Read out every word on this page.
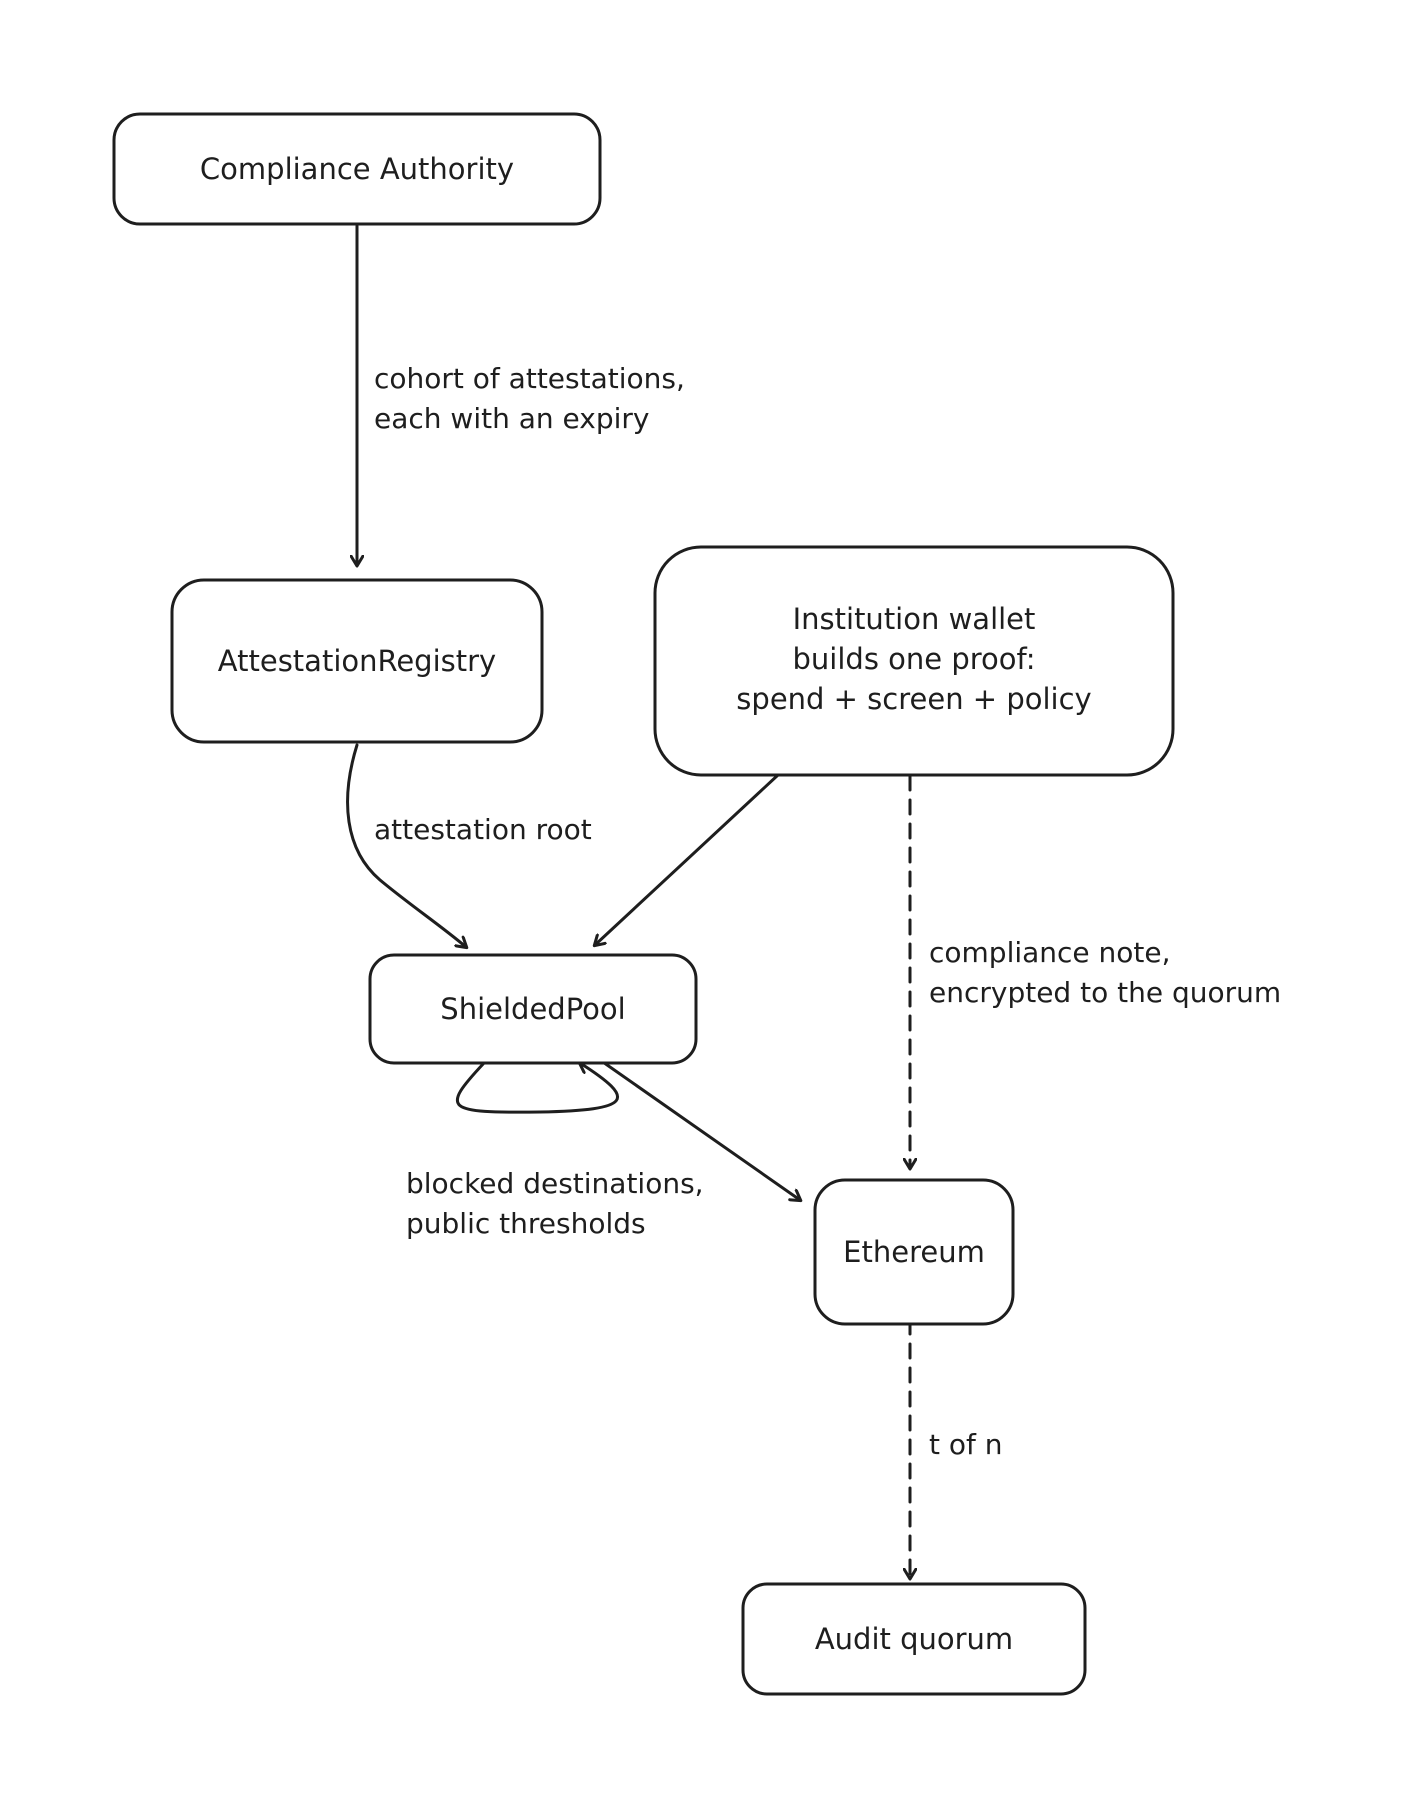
Compliance Authority
AttestationRegistry
Institution wallet
builds one proof:
spend + screen + policy
ShieldedPool
Ethereum
Audit quorum
cohort of attestations,
each with an expiry
attestation root
blocked destinations,
public thresholds
compliance note,
encrypted to the quorum
t of n
